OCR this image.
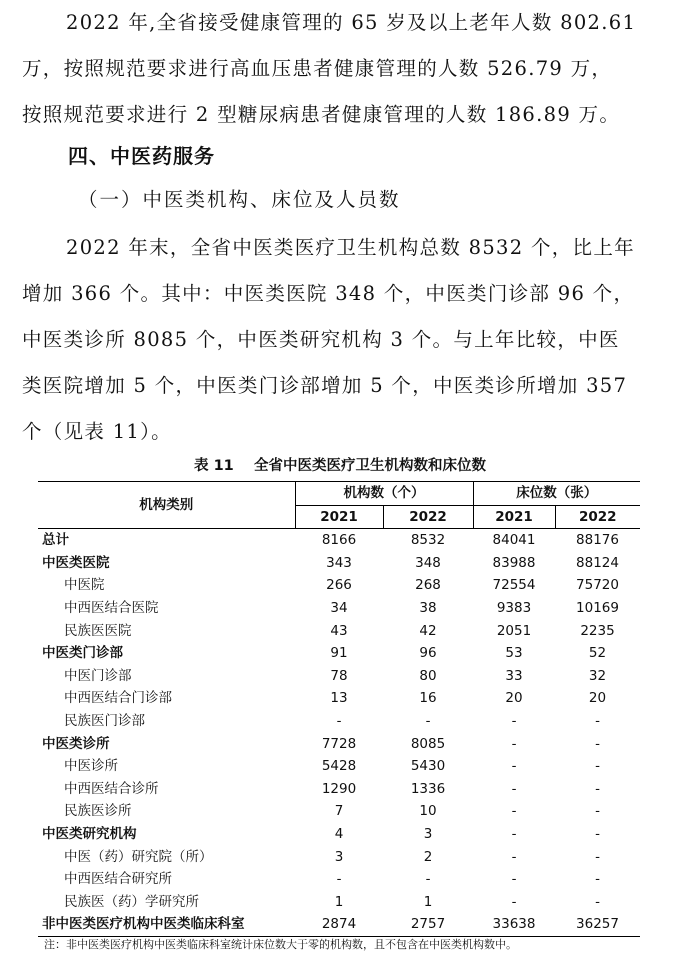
2022 年,全省接受健康管理的 65 岁及以上老年人数 802.61
万，按照规范要求进行高血压患者健康管理的人数 526.79 万，
按照规范要求进行 2 型糖尿病患者健康管理的人数 186.89 万。
四、中医药服务
（一）中医类机构、床位及人员数
2022 年末，全省中医类医疗卫生机构总数 8532 个，比上年
增加 366 个。其中：中医类医院 348 个，中医类门诊部 96 个，
中医类诊所 8085 个，中医类研究机构 3 个。与上年比较，中医
类医院增加 5 个，中医类门诊部增加 5 个，中医类诊所增加 357
个（见表 11）。
表 11 全省中医类医疗卫生机构数和床位数
机构类别	机构数（个）		床位数（张）	
	2021	2022	2021	2022
总计	8166	8532	84041	88176
中医类医院	343	348	83988	88124
中医院	266	268	72554	75720
中西医结合医院	34	38	9383	10169
民族医医院	43	42	2051	2235
中医类门诊部	91	96	53	52
中医门诊部	78	80	33	32
中西医结合门诊部	13	16	20	20
民族医门诊部	-	-	-	-
中医类诊所	7728	8085	-	-
中医诊所	5428	5430	-	-
中西医结合诊所	1290	1336	-	-
民族医诊所	7	10	-	-
中医类研究机构	4	3	-	-
中医（药）研究院（所）	3	2	-	-
中西医结合研究所	-	-	-	-
民族医（药）学研究所	1	1	-	-
非中医类医疗机构中医类临床科室	2874	2757	33638	36257
注：非中医类医疗机构中医类临床科室统计床位数大于零的机构数，且不包含在中医类机构数中。
